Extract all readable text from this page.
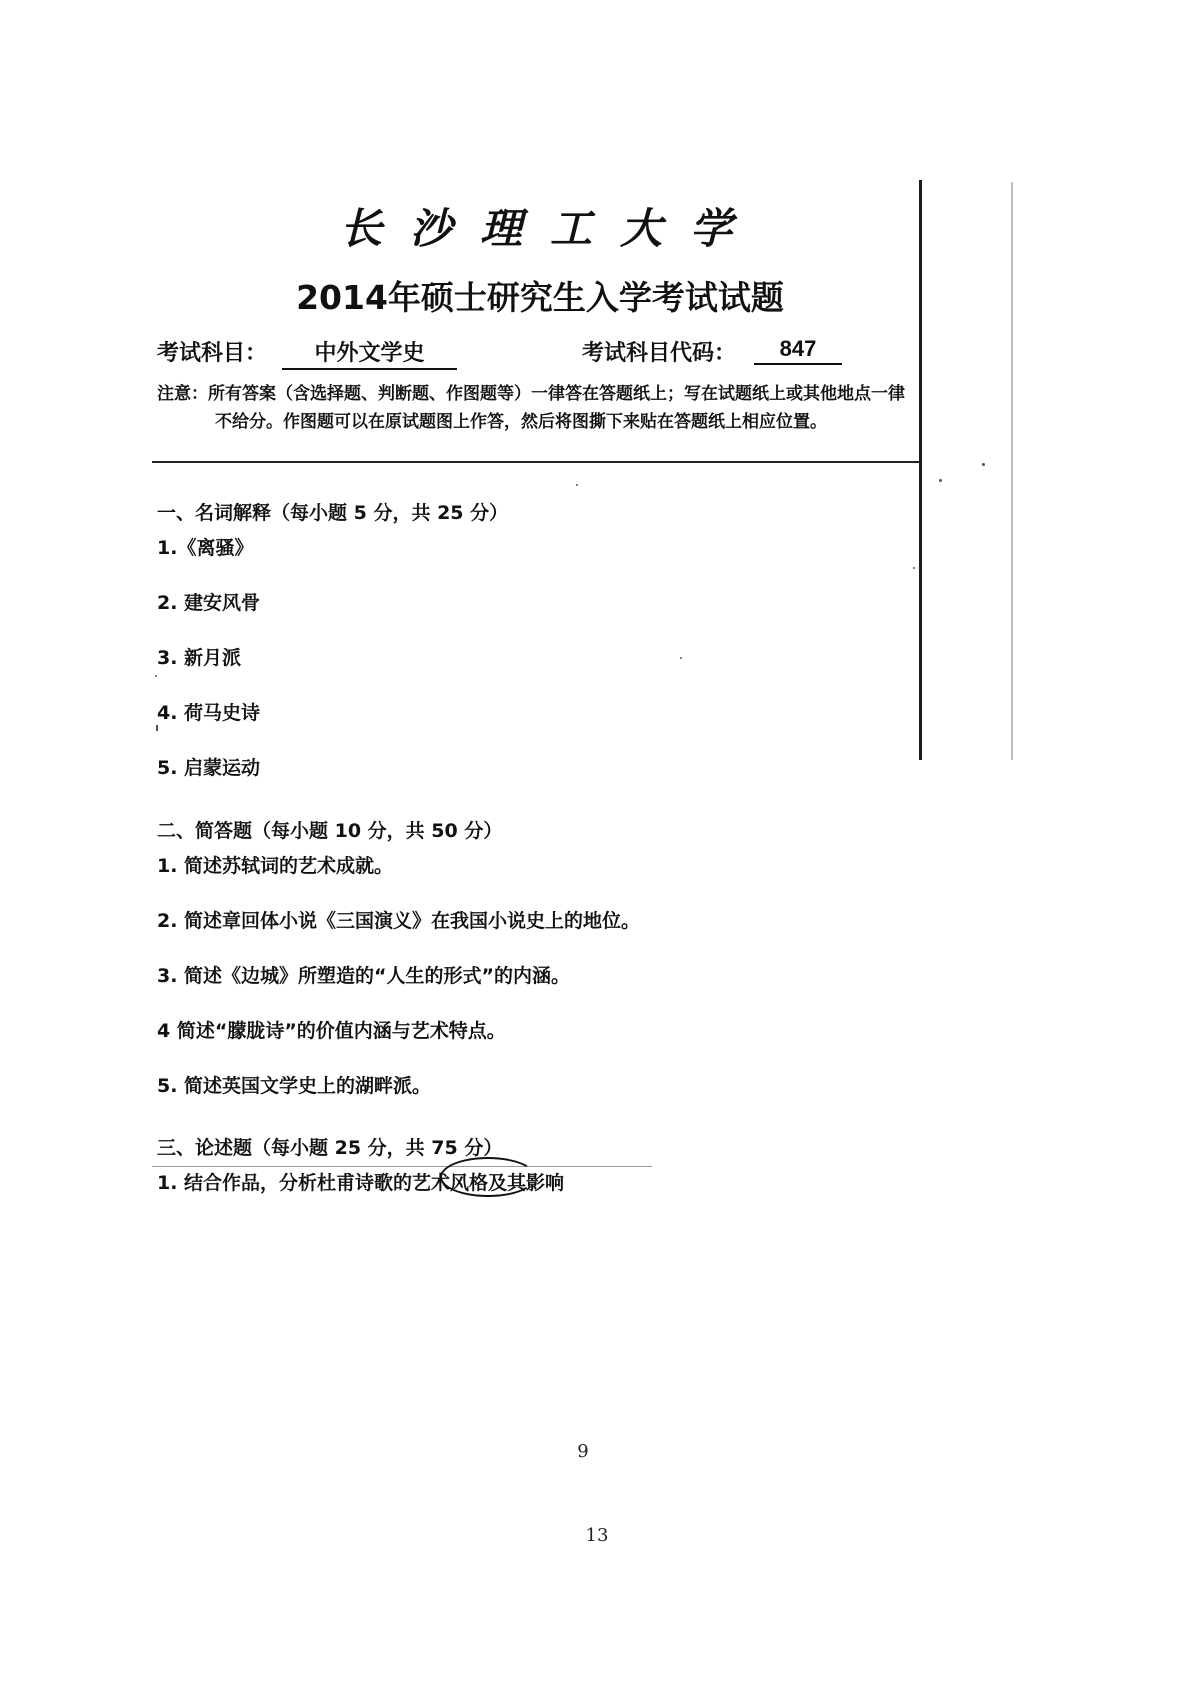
长沙理工大学
2014年硕士研究生入学考试试题
考试科目：	中外文学史	考试科目代码：	847
注意：所有答案（含选择题、判断题、作图题等）一律答在答题纸上；写在试题纸上或其他地点一律不给分。作图题可以在原试题图上作答，然后将图撕下来贴在答题纸上相应位置。
一、名词解释（每小题 5 分，共 25 分）
1.《离骚》
2. 建安风骨
3. 新月派
4. 荷马史诗
5. 启蒙运动
二、简答题（每小题 10 分，共 50 分）
1. 简述苏轼词的艺术成就。
2. 简述章回体小说《三国演义》在我国小说史上的地位。
3. 简述《边城》所塑造的“人生的形式”的内涵。
4 简述“朦胧诗”的价值内涵与艺术特点。
5. 简述英国文学史上的湖畔派。
三、论述题（每小题 25 分，共 75 分）
1. 结合作品，分析杜甫诗歌的艺术风格及其影响
9
13
